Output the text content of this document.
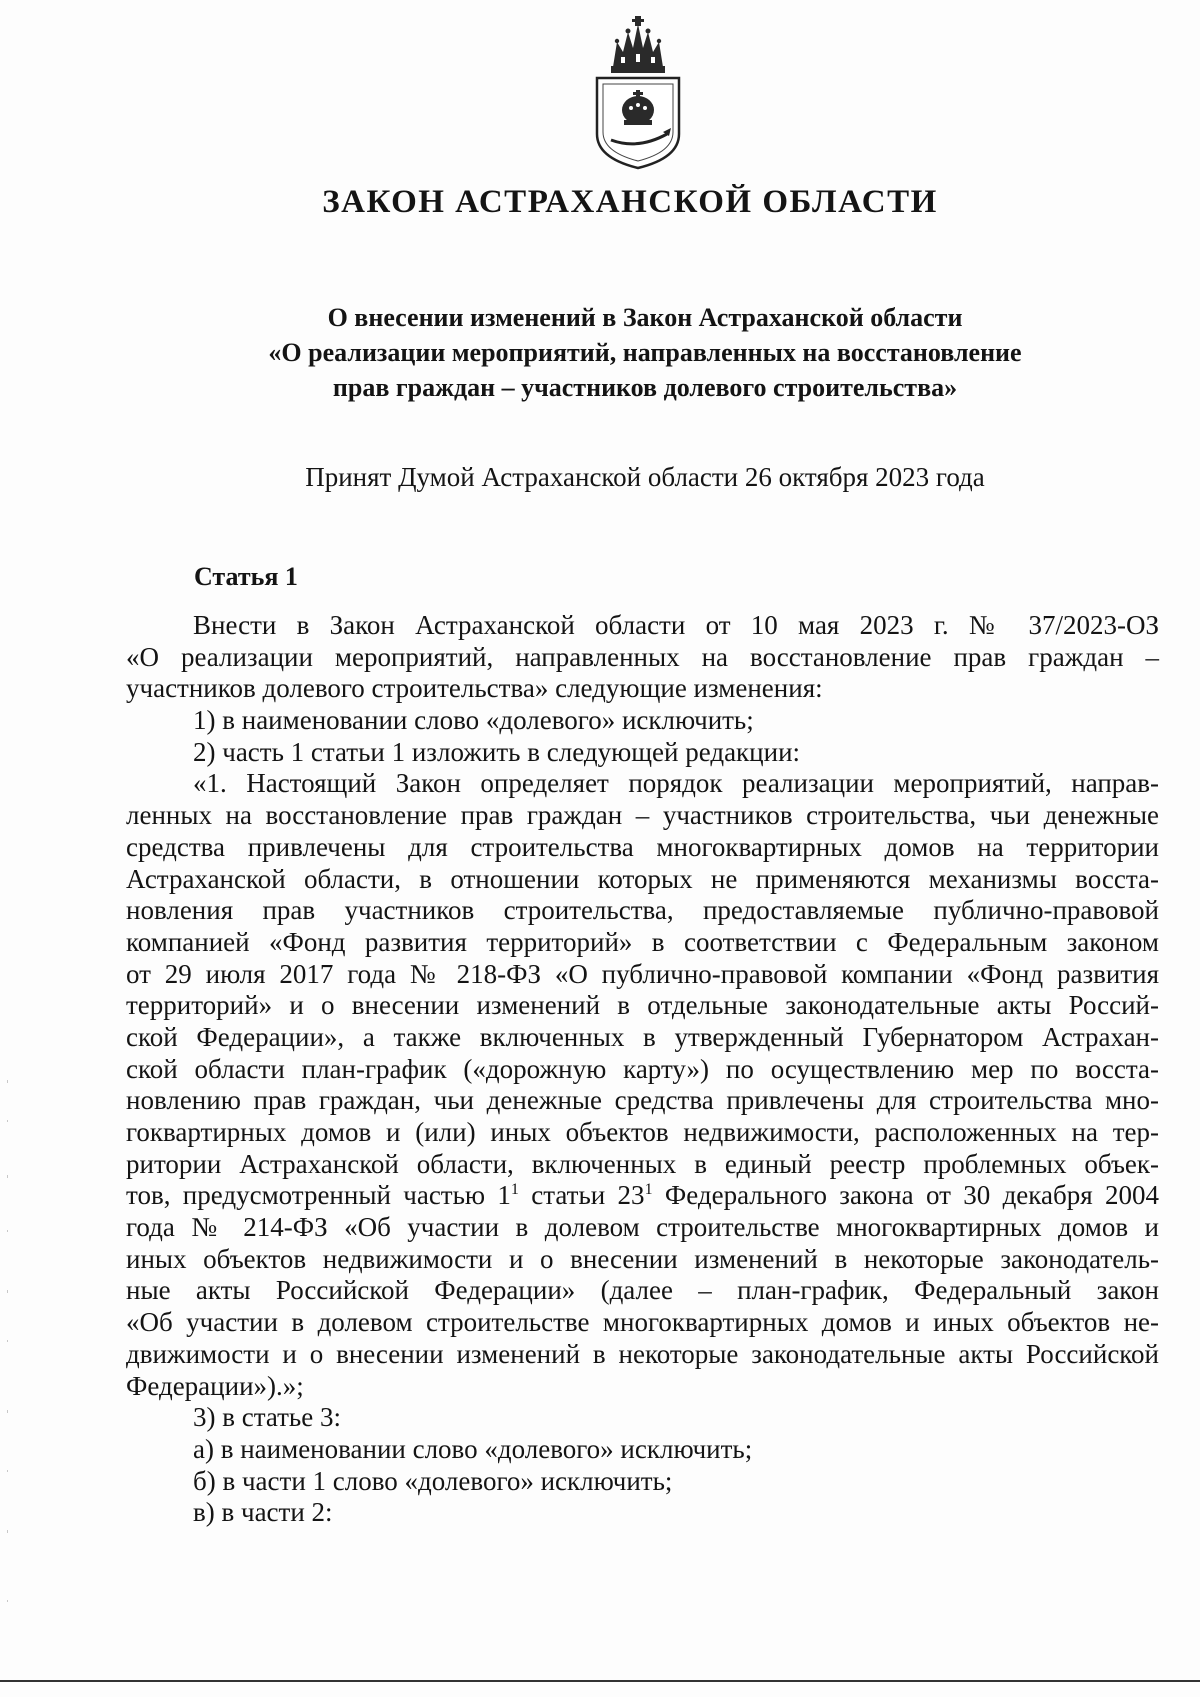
ЗАКОН АСТРАХАНСКОЙ ОБЛАСТИ
О внесении изменений в Закон Астраханской области
«О реализации мероприятий, направленных на восстановление
прав граждан – участников долевого строительства»

Принят Думой Астраханской области 26 октября 2023 года

Статья 1
Внести в Закон Астраханской области от 10 мая 2023 г. № 37/2023-ОЗ
«О реализации мероприятий, направленных на восстановление прав граждан –
участников долевого строительства» следующие изменения:
1) в наименовании слово «долевого» исключить;
2) часть 1 статьи 1 изложить в следующей редакции:
«1. Настоящий Закон определяет порядок реализации мероприятий, направ-
ленных на восстановление прав граждан – участников строительства, чьи денежные
средства привлечены для строительства многоквартирных домов на территории
Астраханской области, в отношении которых не применяются механизмы восста-
новления прав участников строительства, предоставляемые публично-правовой
компанией «Фонд развития территорий» в соответствии с Федеральным законом
от 29 июля 2017 года № 218-ФЗ «О публично-правовой компании «Фонд развития
территорий» и о внесении изменений в отдельные законодательные акты Россий-
ской Федерации», а также включенных в утвержденный Губернатором Астрахан-
ской области план-график («дорожную карту») по осуществлению мер по восста-
новлению прав граждан, чьи денежные средства привлечены для строительства мно-
гоквартирных домов и (или) иных объектов недвижимости, расположенных на тер-
ритории Астраханской области, включенных в единый реестр проблемных объек-
тов, предусмотренный частью $1^1$ статьи $23^1$ Федерального закона от 30 декабря 2004
года № 214-ФЗ «Об участии в долевом строительстве многоквартирных домов и
иных объектов недвижимости и о внесении изменений в некоторые законодатель-
ные акты Российской Федерации» (далее – план-график, Федеральный закон
«Об участии в долевом строительстве многоквартирных домов и иных объектов не-
движимости и о внесении изменений в некоторые законодательные акты Российской
Федерации»).»;
3) в статье 3:
а) в наименовании слово «долевого» исключить;
б) в части 1 слово «долевого» исключить;
в) в части 2:
